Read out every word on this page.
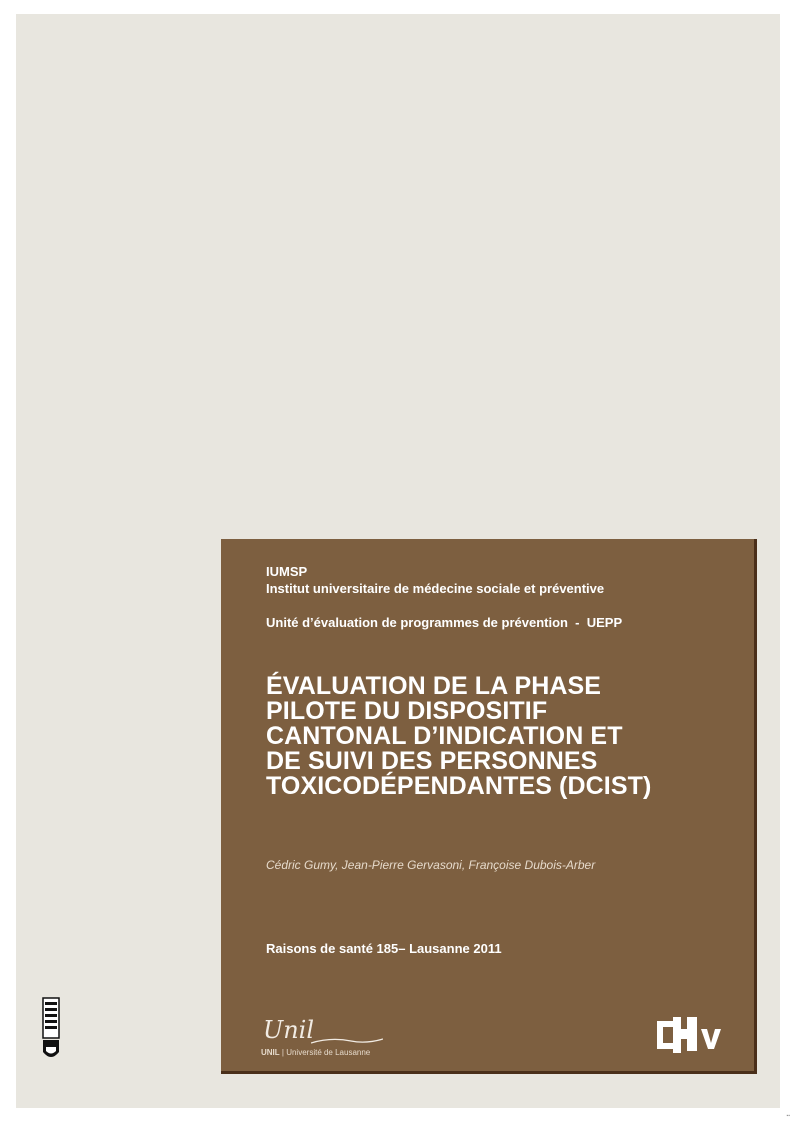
IUMSP
Institut universitaire de médecine sociale et préventive
Unité d’évaluation de programmes de prévention  -  UEPP
ÉVALUATION DE LA PHASE
PILOTE DU DISPOSITIF
CANTONAL D’INDICATION ET
DE SUIVI DES PERSONNES
TOXICODÉPENDANTES (DCIST)
Cédric Gumy, Jean-Pierre Gervasoni, Françoise Dubois-Arber
Raisons de santé 185– Lausanne 2011
Unil
UNIL | Université de Lausanne
▪▪
